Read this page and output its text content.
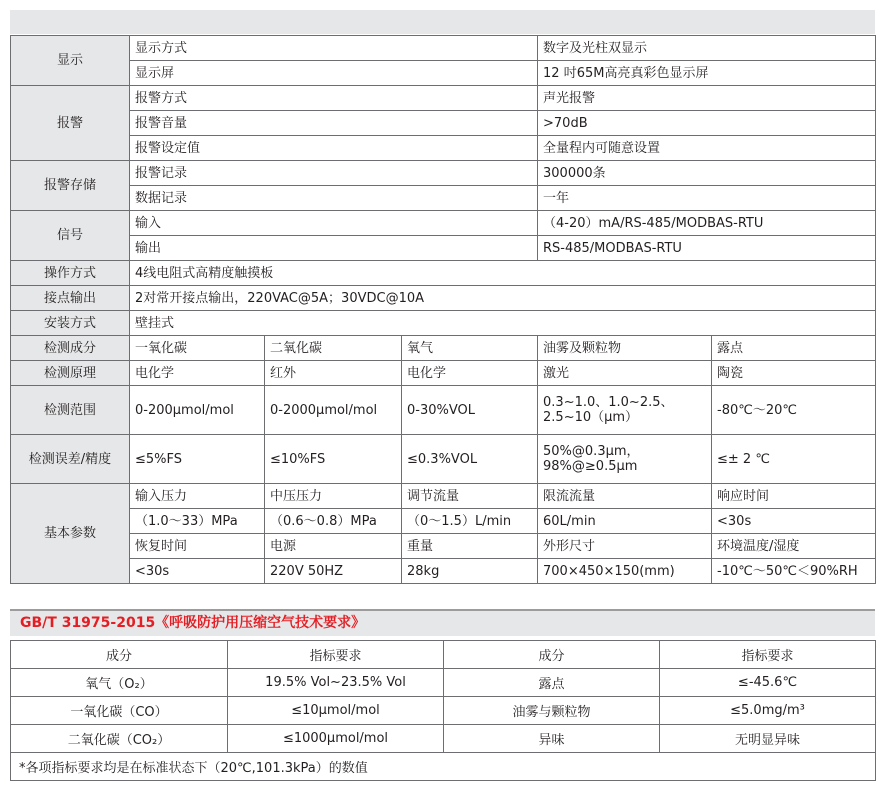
显示	显示方式			数字及光柱双显示	
	显示屏			12 吋65M高亮真彩色显示屏	
报警	报警方式			声光报警	
	报警音量			>70dB	
	报警设定值			全量程内可随意设置	
报警存储	报警记录			300000条	
	数据记录			一年	
信号	输入			（4-20）mA/RS-485/MODBAS-RTU	
	输出			RS-485/MODBAS-RTU	
操作方式	4线电阻式高精度触摸板				
接点输出	2对常开接点输出，220VAC@5A；30VDC@10A				
安装方式	壁挂式				
检测成分	一氧化碳	二氧化碳	氧气	油雾及颗粒物	露点
检测原理	电化学	红外	电化学	激光	陶瓷
检测范围	0-200μmol/mol	0-2000μmol/mol	0-30%VOL	0.3~1.0、1.0~2.5、2.5~10（μm）	-80℃～20℃
检测误差/精度	≤5%FS	≤10%FS	≤0.3%VOL	50%@0.3μm，98%@≥0.5μm	≤± 2 ℃
基本参数	输入压力	中压压力	调节流量	限流流量	响应时间
	（1.0～33）MPa	（0.6～0.8）MPa	（0～1.5）L/min	60L/min	<30s
	恢复时间	电源	重量	外形尺寸	环境温度/湿度
	<30s	220V 50HZ	28kg	700×450×150(mm)	-10℃～50℃＜90%RH
GB/T 31975-2015《呼吸防护用压缩空气技术要求》
成分	指标要求	成分	指标要求
氧气（O₂）	19.5% Vol~23.5% Vol	露点	≤-45.6℃
一氧化碳（CO）	≤10μmol/mol	油雾与颗粒物	≤5.0mg/m³
二氧化碳（CO₂）	≤1000μmol/mol	异味	无明显异味
*各项指标要求均是在标准状态下（20℃,101.3kPa）的数值			
